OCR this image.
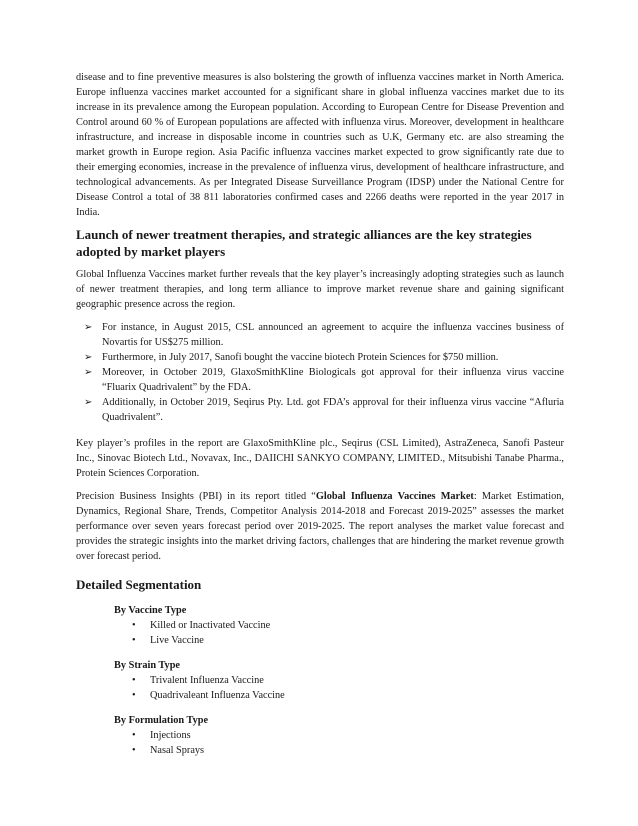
disease and to fine preventive measures is also bolstering the growth of influenza vaccines market in North America. Europe influenza vaccines market accounted for a significant share in global influenza vaccines market due to its increase in its prevalence among the European population. According to European Centre for Disease Prevention and Control around 60 % of European populations are affected with influenza virus. Moreover, development in healthcare infrastructure, and increase in disposable income in countries such as U.K, Germany etc. are also streaming the market growth in Europe region. Asia Pacific influenza vaccines market expected to grow significantly rate due to their emerging economies, increase in the prevalence of influenza virus, development of healthcare infrastructure, and technological advancements. As per Integrated Disease Surveillance Program (IDSP) under the National Centre for Disease Control a total of 38 811 laboratories confirmed cases and 2266 deaths were reported in the year 2017 in India.

Launch of newer treatment therapies, and strategic alliances are the key strategies adopted by market players

Global Influenza Vaccines market further reveals that the key player’s increasingly adopting strategies such as launch of newer treatment therapies, and long term alliance to improve market revenue share and gaining significant geographic presence across the region.

➢ For instance, in August 2015, CSL announced an agreement to acquire the influenza vaccines business of Novartis for US$275 million.
➢ Furthermore, in July 2017, Sanofi bought the vaccine biotech Protein Sciences for $750 million.
➢ Moreover, in October 2019, GlaxoSmithKline Biologicals got approval for their influenza virus vaccine “Fluarix Quadrivalent” by the FDA.
➢ Additionally, in October 2019, Seqirus Pty. Ltd. got FDA’s approval for their influenza virus vaccine “Afluria Quadrivalent”.

Key player’s profiles in the report are GlaxoSmithKline plc., Seqirus (CSL Limited), AstraZeneca, Sanofi Pasteur Inc., Sinovac Biotech Ltd., Novavax, Inc., DAIICHI SANKYO COMPANY, LIMITED., Mitsubishi Tanabe Pharma., Protein Sciences Corporation.

Precision Business Insights (PBI) in its report titled “Global Influenza Vaccines Market: Market Estimation, Dynamics, Regional Share, Trends, Competitor Analysis 2014-2018 and Forecast 2019-2025” assesses the market performance over seven years forecast period over 2019-2025. The report analyses the market value forecast and provides the strategic insights into the market driving factors, challenges that are hindering the market revenue growth over forecast period.

Detailed Segmentation
By Vaccine Type
• Killed or Inactivated Vaccine
• Live Vaccine
By Strain Type
• Trivalent Influenza Vaccine
• Quadrivaleant Influenza Vaccine
By Formulation Type
• Injections
• Nasal Sprays
